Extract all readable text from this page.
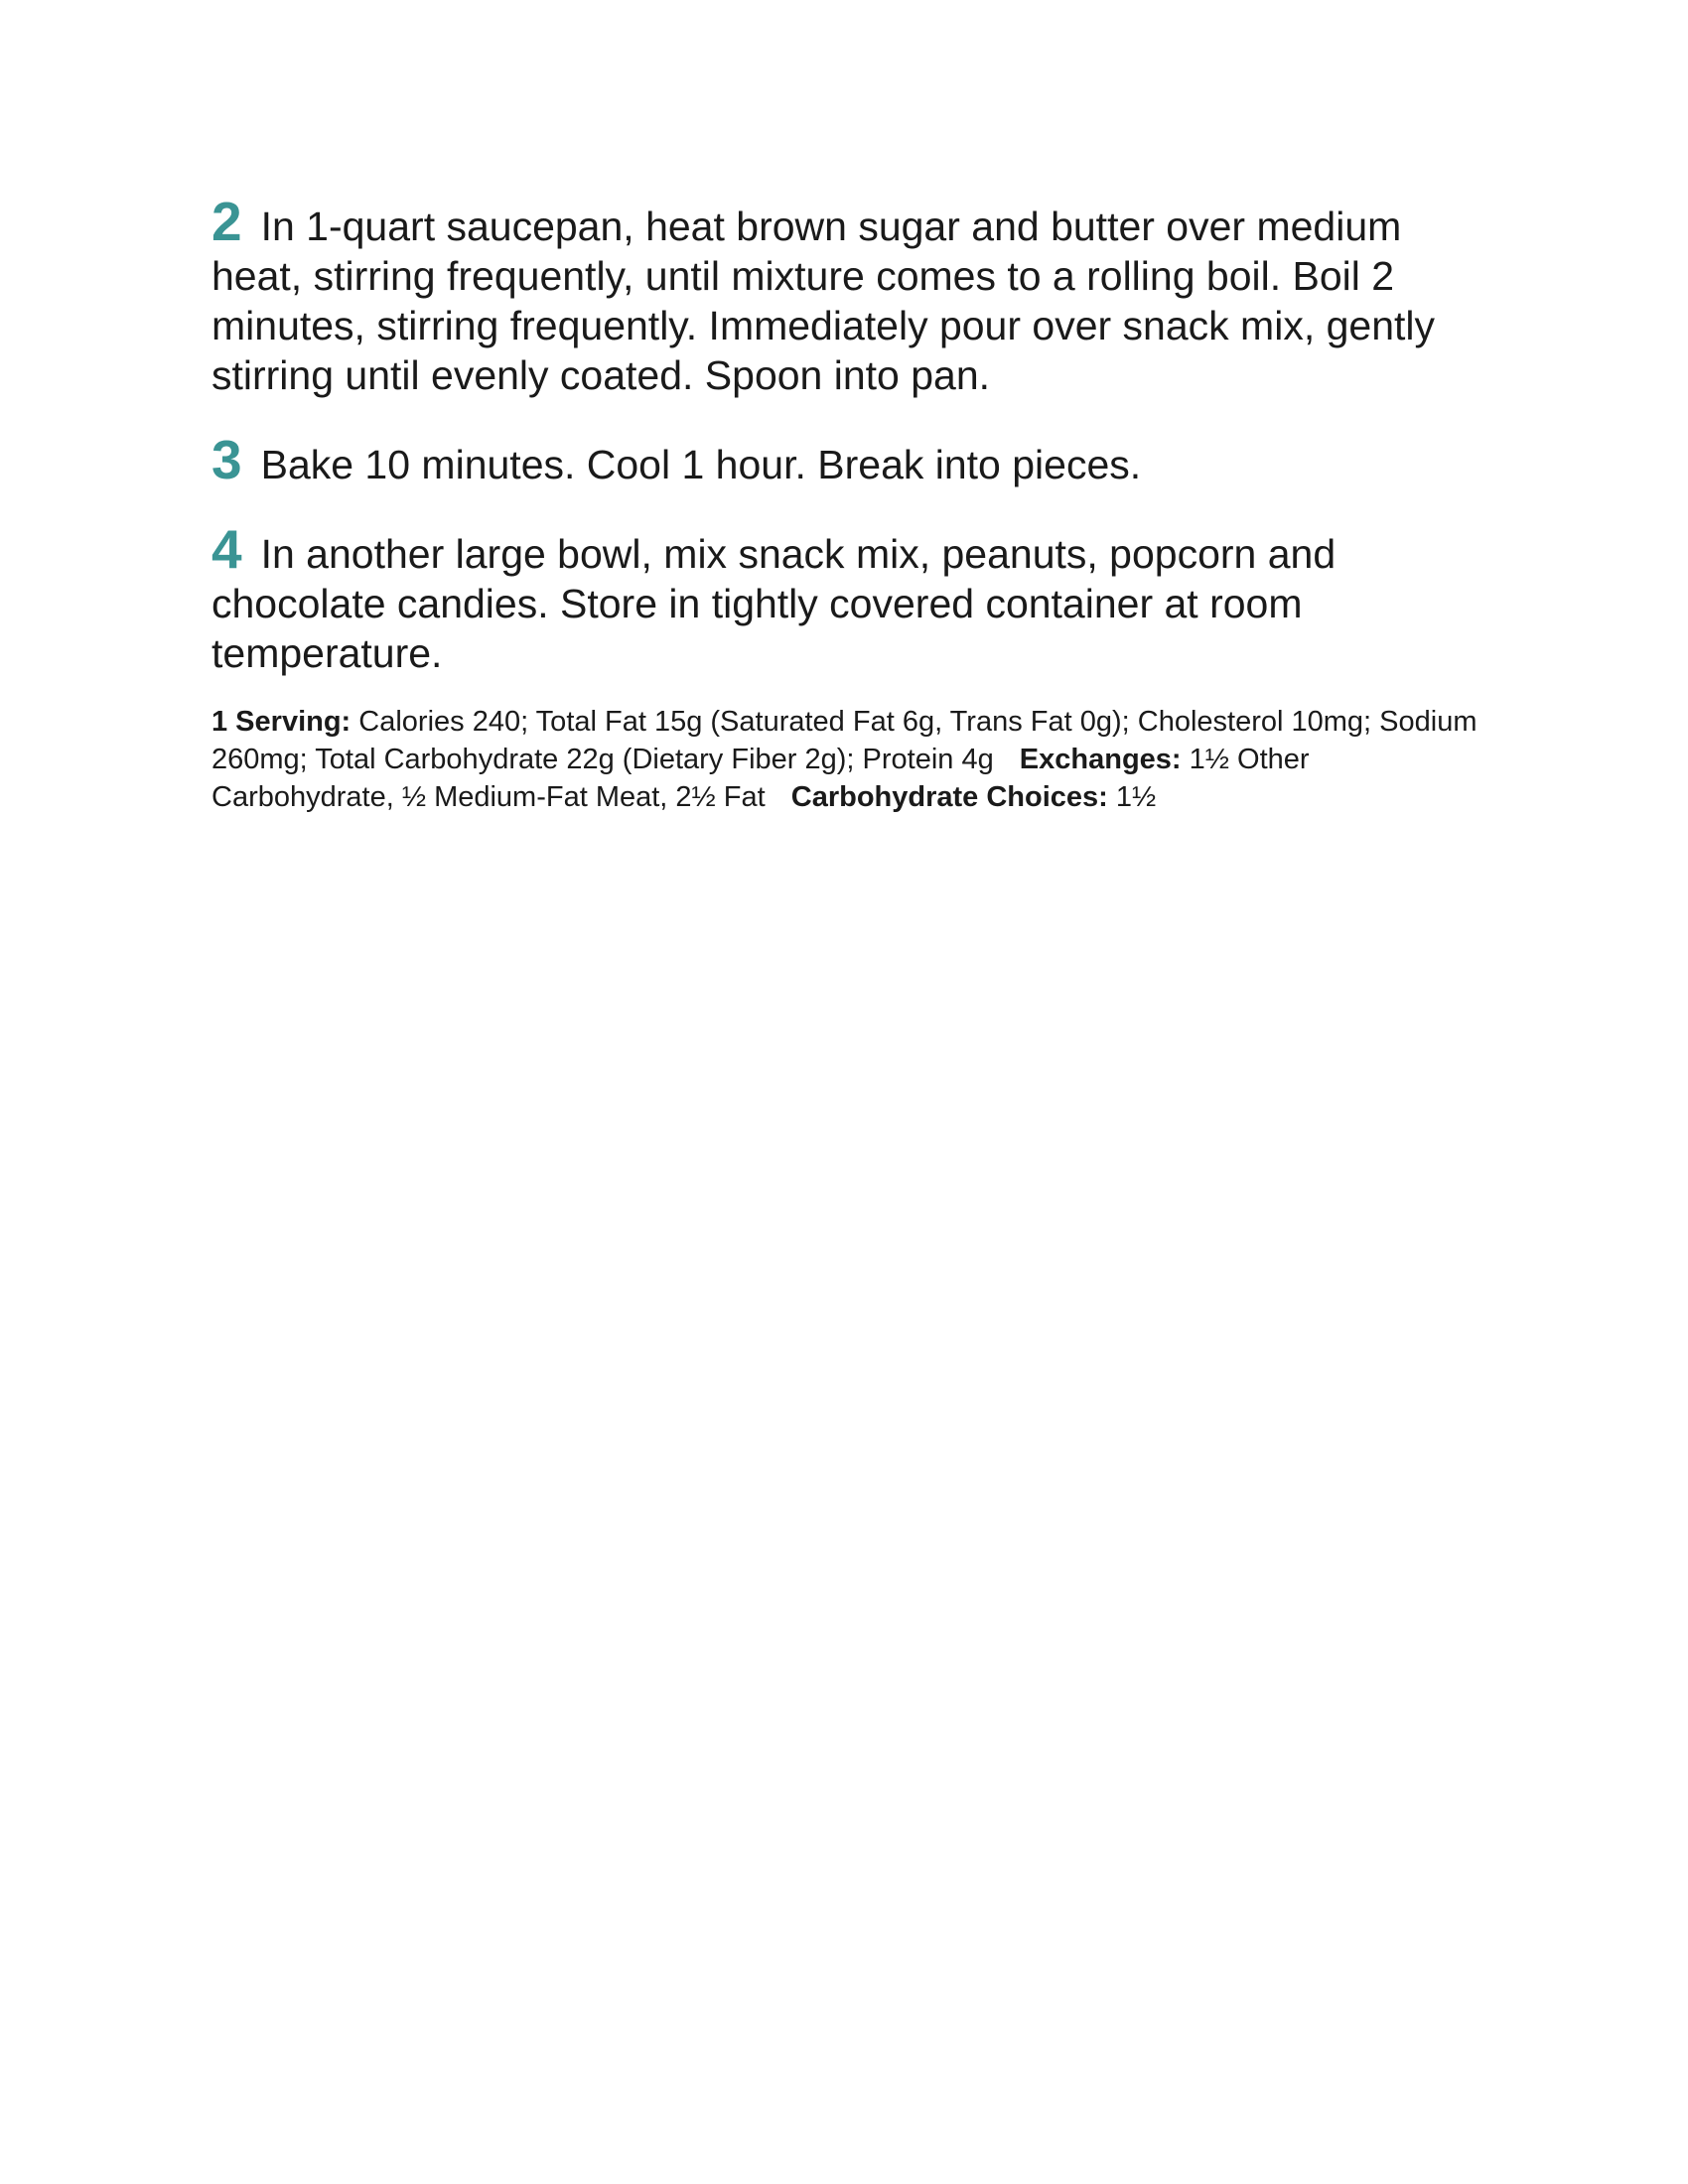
2 In 1-quart saucepan, heat brown sugar and butter over medium heat, stirring frequently, until mixture comes to a rolling boil. Boil 2 minutes, stirring frequently. Immediately pour over snack mix, gently stirring until evenly coated. Spoon into pan.

3 Bake 10 minutes. Cool 1 hour. Break into pieces.

4 In another large bowl, mix snack mix, peanuts, popcorn and chocolate candies. Store in tightly covered container at room temperature.

1 Serving: Calories 240; Total Fat 15g (Saturated Fat 6g, Trans Fat 0g); Cholesterol 10mg; Sodium 260mg; Total Carbohydrate 22g (Dietary Fiber 2g); Protein 4g Exchanges: 1½ Other Carbohydrate, ½ Medium-Fat Meat, 2½ Fat Carbohydrate Choices: 1½
